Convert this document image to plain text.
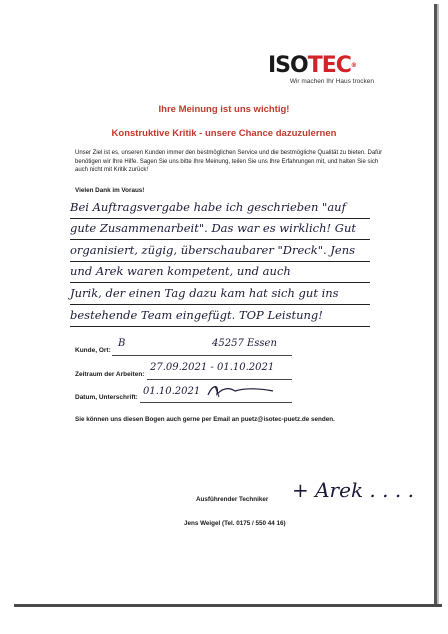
ISOTEC®
Wir machen Ihr Haus trocken
Ihre Meinung ist uns wichtig!
Konstruktive Kritik - unsere Chance dazuzulernen
Unser Ziel ist es, unseren Kunden immer den bestmöglichen Service und die bestmögliche Qualität zu bieten. Dafür benötigen wir Ihre Hilfe. Sagen Sie uns bitte Ihre Meinung, teilen Sie uns Ihre Erfahrungen mit, und halten Sie sich auch nicht mit Kritik zurück!
Vielen Dank im Voraus!
Bei Auftragsvergabe habe ich geschrieben "auf
gute Zusammenarbeit". Das war es wirklich! Gut
organisiert, zügig, überschaubarer "Dreck". Jens
und Arek waren kompetent, und auch
Jurik, der einen Tag dazu kam hat sich gut ins
bestehende Team eingefügt. TOP Leistung!
Kunde, Ort:
B	45257 Essen
Zeitraum der Arbeiten:
27.09.2021 - 01.10.2021
Datum, Unterschrift:
01.10.2021
Sie können uns diesen Bogen auch gerne per Email an puetz@isotec-puetz.de senden.
Ausführender Techniker + Arek . . . .
Jens Weigel (Tel. 0175 / 550 44 16)
